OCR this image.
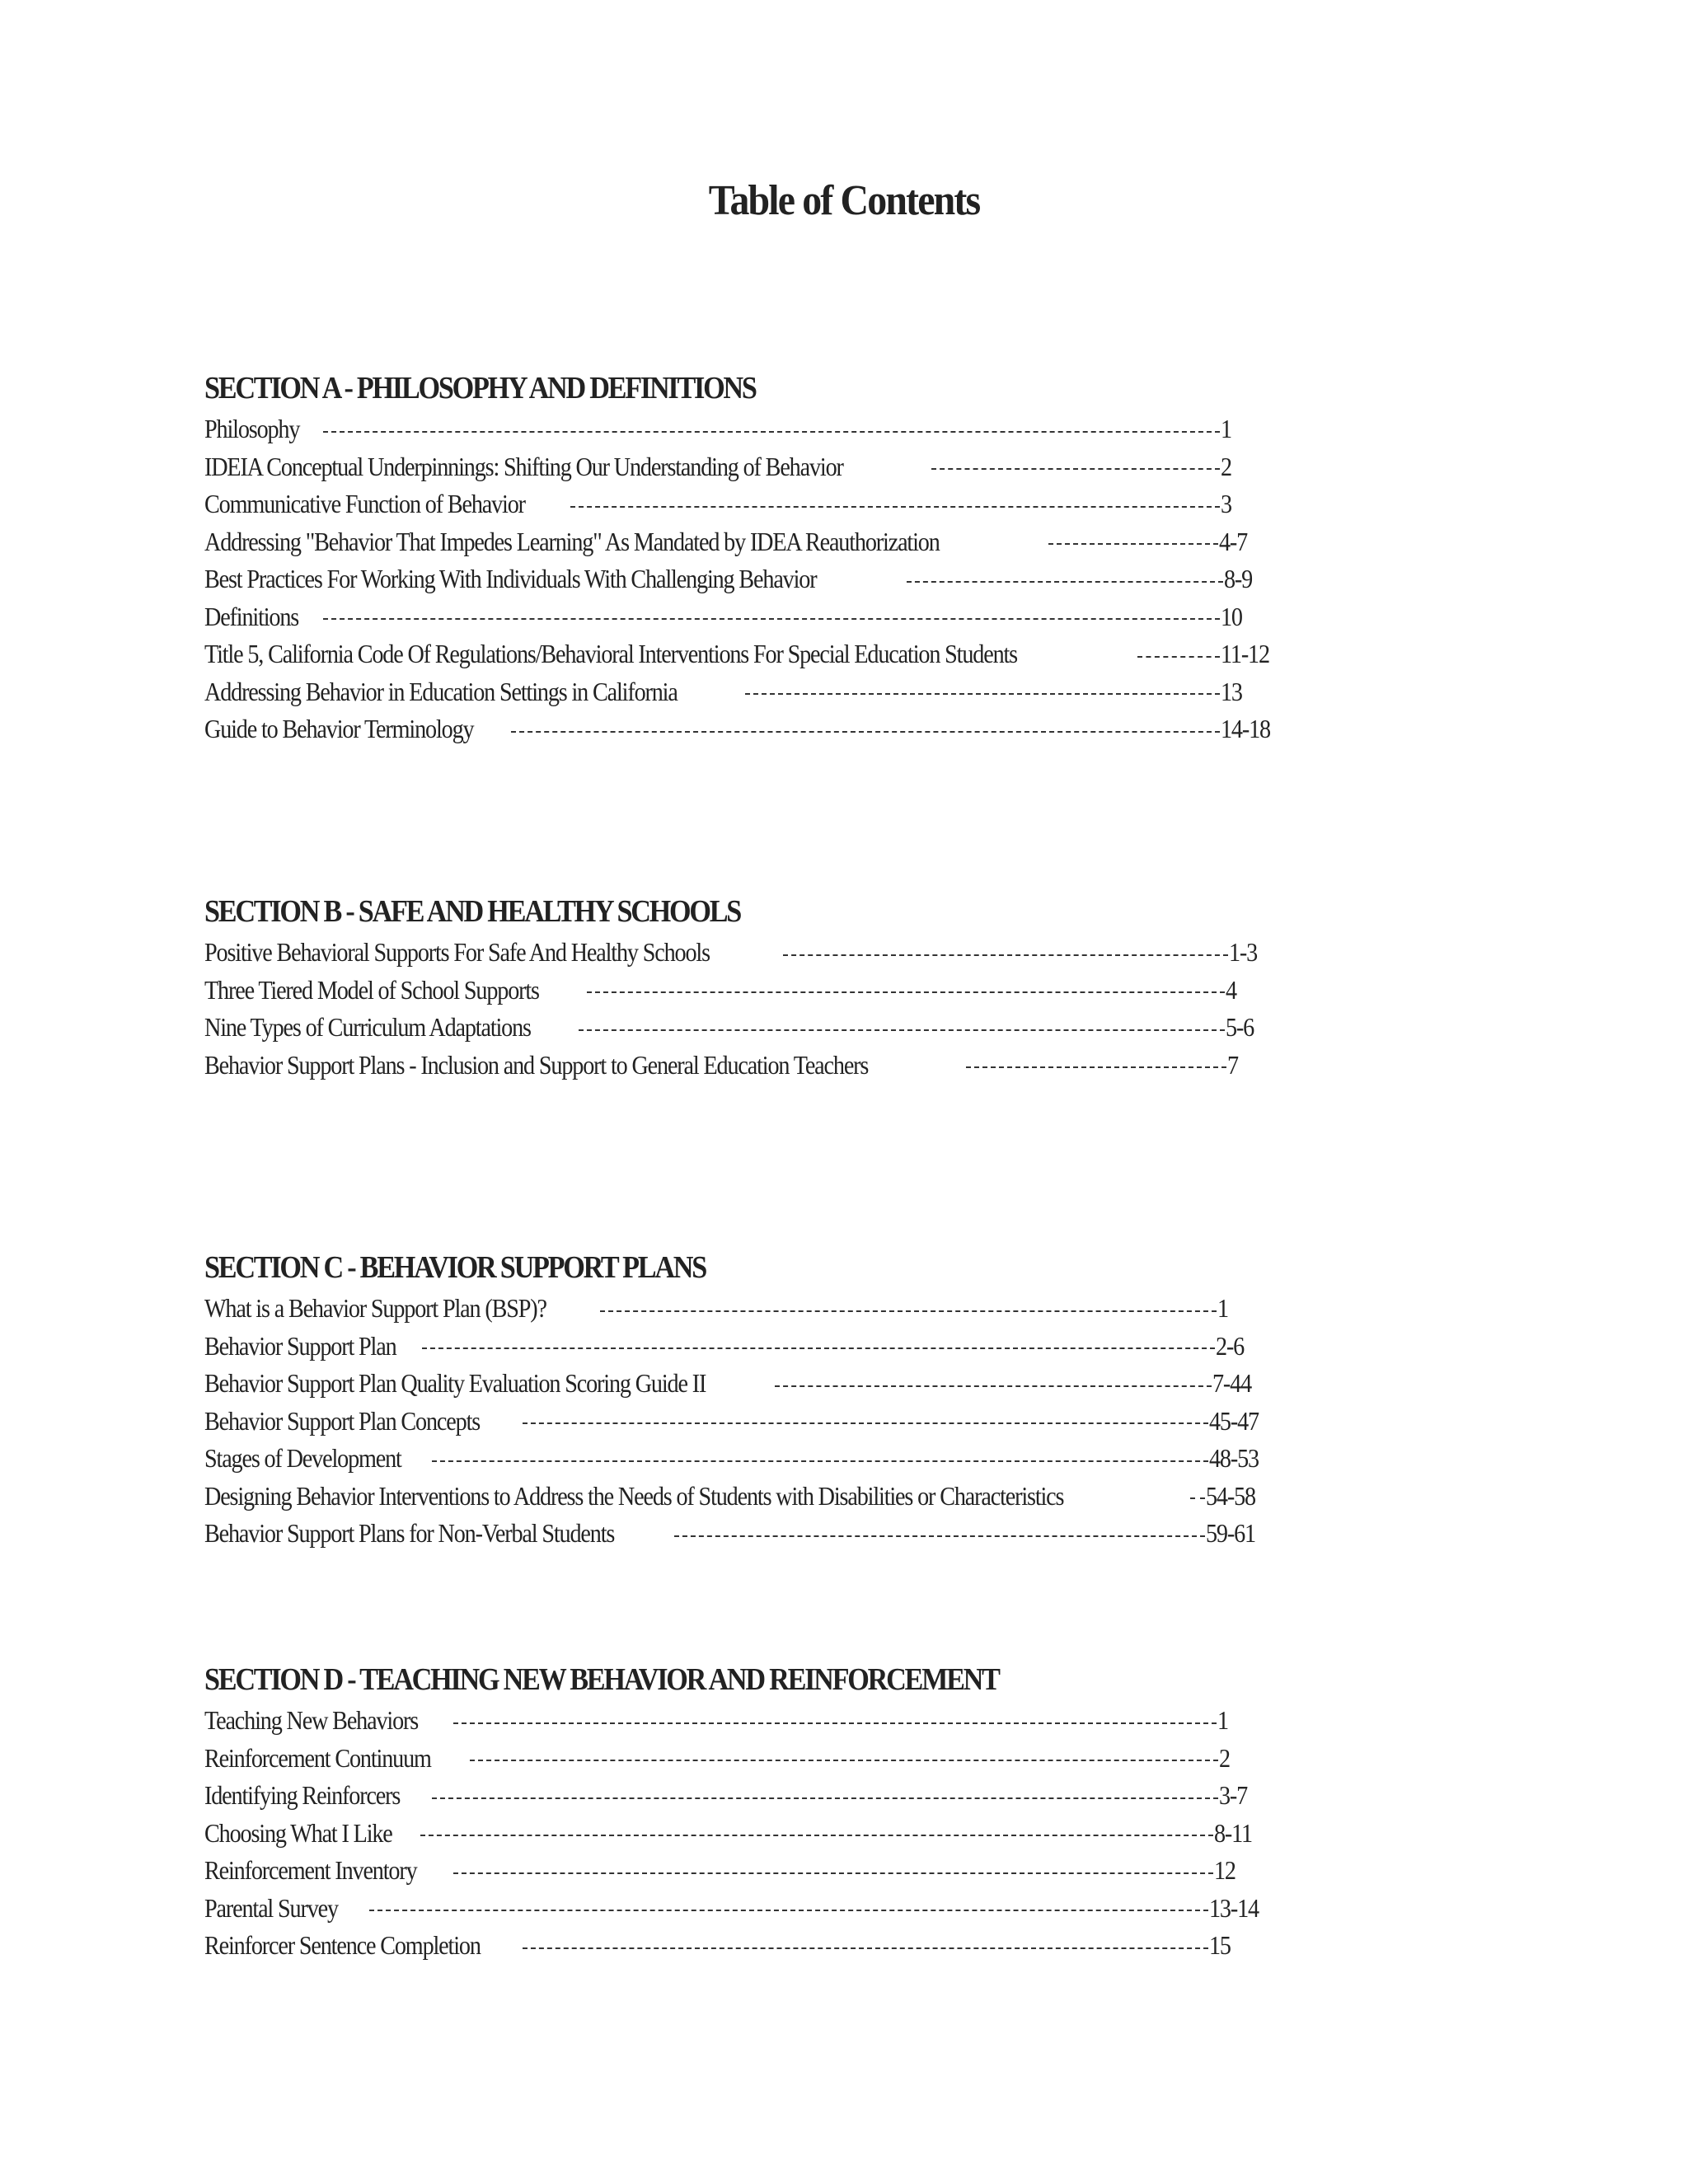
Table of Contents
SECTION A - PHILOSOPHY AND DEFINITIONS
Philosophy	1
IDEIA Conceptual Underpinnings: Shifting Our Understanding of Behavior	2
Communicative Function of Behavior	3
Addressing "Behavior That Impedes Learning" As Mandated by IDEA Reauthorization	4-7
Best Practices For Working With Individuals With Challenging Behavior	8-9
Definitions	10
Title 5, California Code Of Regulations/Behavioral Interventions For Special Education Students	11-12
Addressing Behavior in Education Settings in California	13
Guide to Behavior Terminology	14-18
SECTION B - SAFE AND HEALTHY SCHOOLS
Positive Behavioral Supports For Safe And Healthy Schools	1-3
Three Tiered Model of School Supports	4
Nine Types of Curriculum Adaptations	5-6
Behavior Support Plans - Inclusion and Support to General Education Teachers	7
SECTION C - BEHAVIOR SUPPORT PLANS
What is a Behavior Support Plan (BSP)?	1
Behavior Support Plan	2-6
Behavior Support Plan Quality Evaluation Scoring Guide II	7-44
Behavior Support Plan Concepts	45-47
Stages of Development	48-53
Designing Behavior Interventions to Address the Needs of Students with Disabilities or Characteristics	54-58
Behavior Support Plans for Non-Verbal Students	59-61
SECTION D - TEACHING NEW BEHAVIOR AND REINFORCEMENT
Teaching New Behaviors	1
Reinforcement Continuum	2
Identifying Reinforcers	3-7
Choosing What I Like	8-11
Reinforcement Inventory	12
Parental Survey	13-14
Reinforcer Sentence Completion	15
